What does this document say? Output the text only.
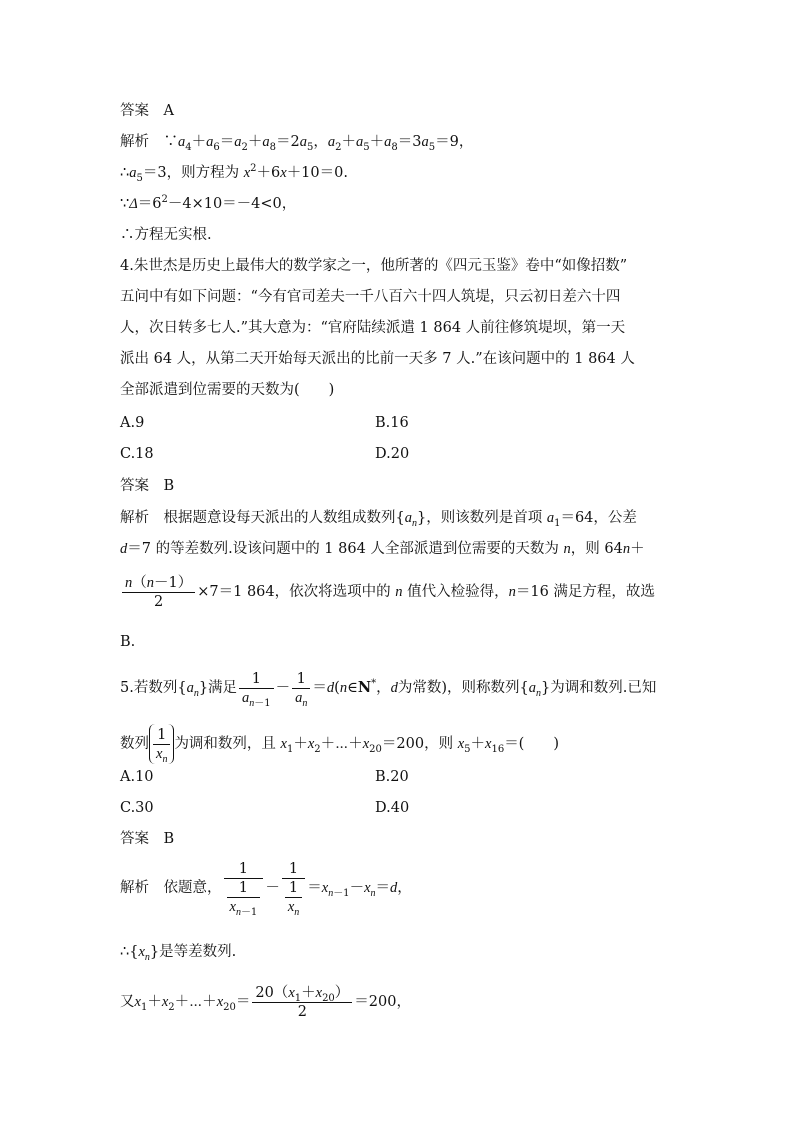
答案　A
解析　$\because a_4+a_6=a_2+a_8=2a_5$，$a_2+a_5+a_8=3a_5=9$，
$\therefore a_5=3$，则方程为 $x^2+6x+10=0$.
$\because\Delta=6^2-4\times 10=-4<0$，
∴方程无实根.
4.朱世杰是历史上最伟大的数学家之一，他所著的《四元玉鉴》卷中“如像招数”
五问中有如下问题：“今有官司差夫一千八百六十四人筑堤，只云初日差六十四
人，次日转多七人.”其大意为：“官府陆续派遣 1 864 人前往修筑堤坝，第一天
派出 64 人，从第二天开始每天派出的比前一天多 7 人.”在该问题中的 1 864 人
全部派遣到位需要的天数为(　　)
A.9	B.16
C.18	D.20
答案　B
解析　根据题意设每天派出的人数组成数列$\{a_n\}$，则该数列是首项 $a_1=64$，公差
d＝7 的等差数列.设该问题中的 1 864 人全部派遣到位需要的天数为 n，则 64n＋
$\frac{n(n-1)}{2} \times 7=1$ 864，依次将选项中的 n 值代入检验得，n＝16 满足方程，故选
B.
5.若数列$\{a_n\}$满足 $\frac{1}{a_{n-1}} - \frac{1}{a_n}$ ＝d(n∈N*，d为常数)，则称数列$\{a_n\}$为调和数列.已知
数列 $\frac{1}{x_n}$ 为调和数列，且 $x_1+x_2+\cdots+x_{20}=200$，则 $x_5+x_{16}=$(　　)
A.10	B.20
C.30	D.40
答案　B
解析　依题意， $\frac{1}{\frac{1}{x_{n-1}}} - \frac{1}{\frac{1}{x_n}} =x_{n-1}-x_n=d$，
$\therefore\{x_n\}$是等差数列.
又$x_1+x_2+\cdots+x_{20}= \frac{20(x_1+x_{20})}{2} =200$，
